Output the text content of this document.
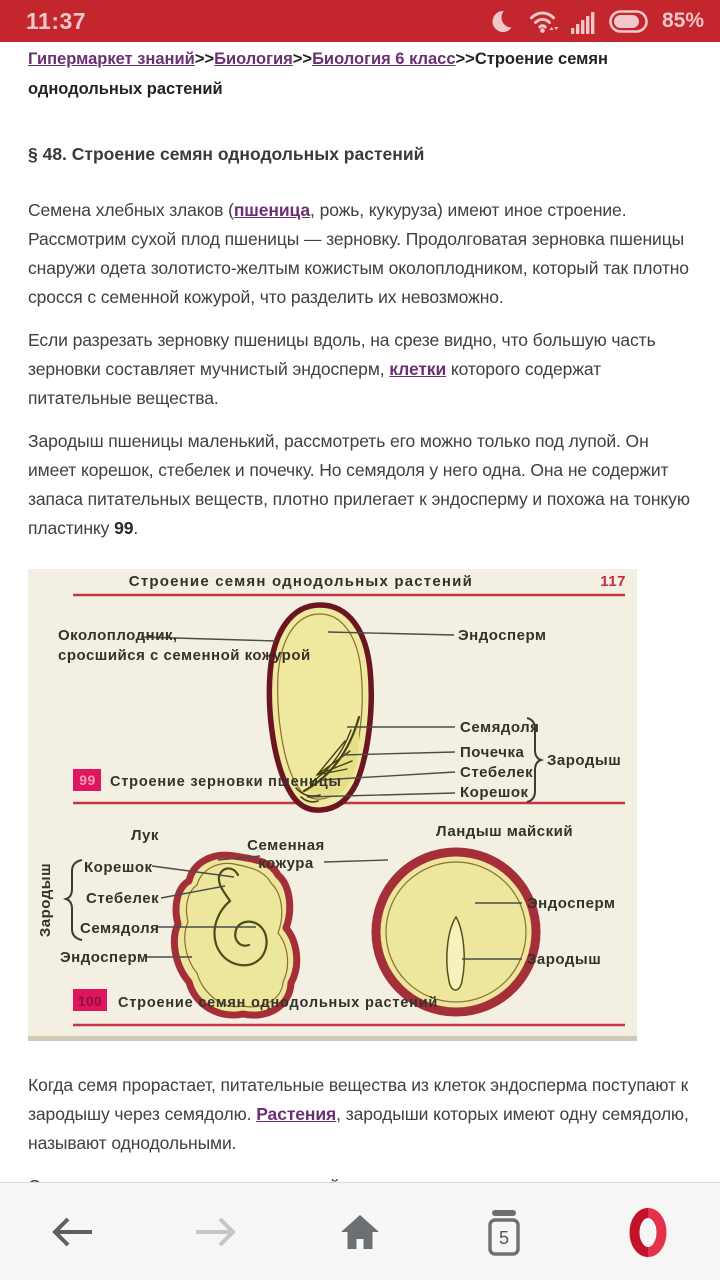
11:37	85%
Гипермаркет знаний>>Биология>>Биология 6 класс>>Строение семян однодольных растений
§ 48. Строение семян однодольных растений

Семена хлебных злаков (пшеница, рожь, кукуруза) имеют иное строение. Рассмотрим сухой плод пшеницы — зерновку. Продолговатая зерновка пшеницы снаружи одета золотисто-желтым кожистым околоплодником, который так плотно сросся с семенной кожурой, что разделить их невозможно.

Если разрезать зерновку пшеницы вдоль, на срезе видно, что большую часть зерновки составляет мучнистый эндосперм, клетки которого содержат питательные вещества.

Зародыш пшеницы маленький, рассмотреть его можно только под лупой. Он имеет корешок, стебелек и почечку. Но семядоля у него одна. Она не содержит запаса питательных веществ, плотно прилегает к эндосперму и похожа на тонкую пластинку 99.

Строение семян однодольных растений	117
Околоплодник,
сросшийся с семенной кожурой
Эндосперм
Семядоля
Почечка
Стебелек
Корешок
Зародыш
99 Строение зерновки пшеницы
Лук	Ландыш майский
Семенная
кожура
Зародыш Корешок
Стебелек
Семядоля
Эндосперм
Эндосперм
Зародыш
100 Строение семян однодольных растений

Когда семя прорастает, питательные вещества из клеток эндосперма поступают к зародышу через семядолю. Растения, зародыши которых имеют одну семядолю, называют однодольными.

5
